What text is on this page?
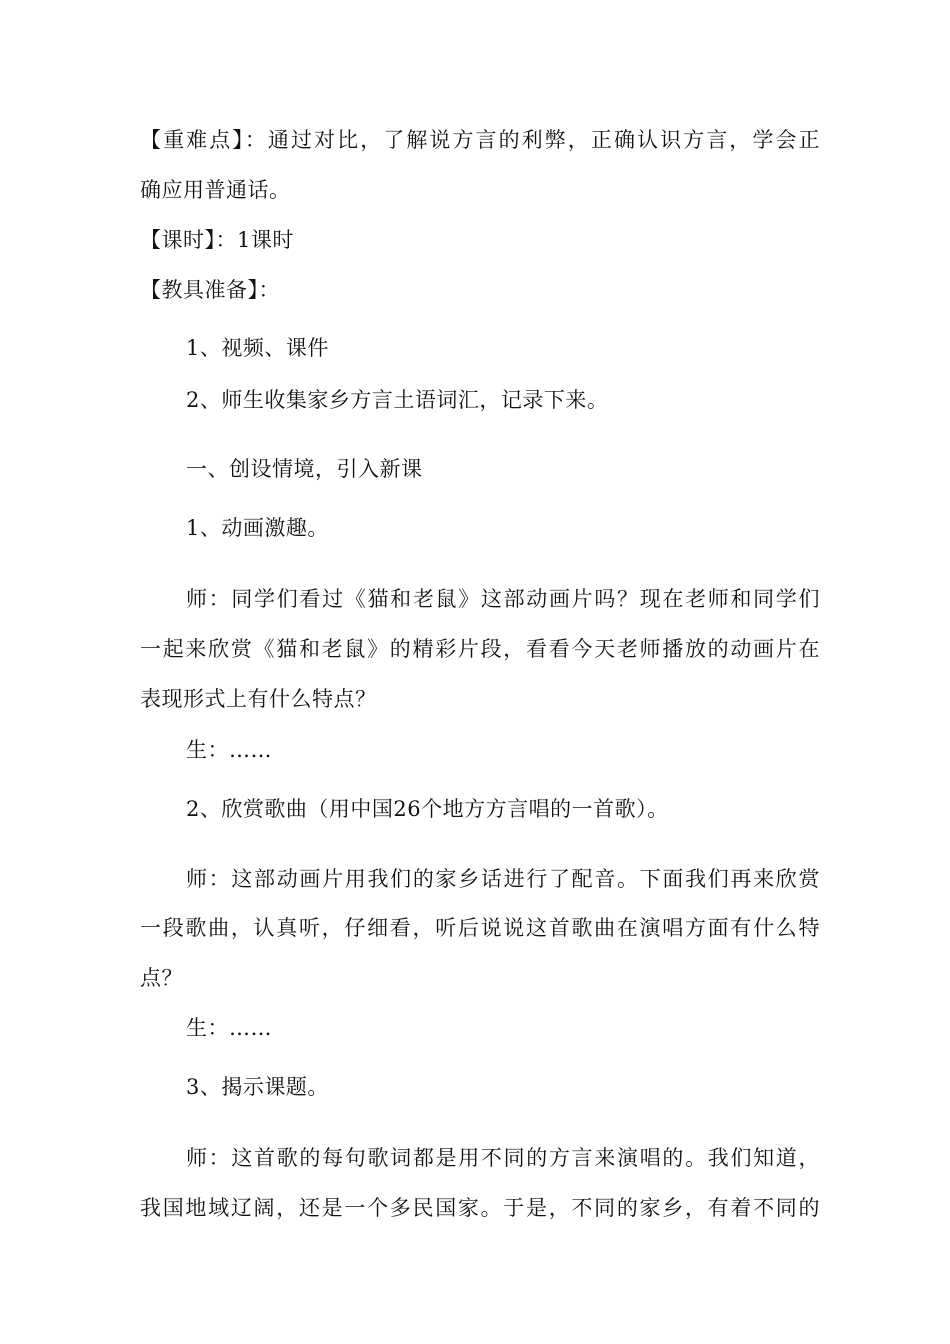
【重难点】：通过对比，了解说方言的利弊，正确认识方言，学会正
确应用普通话。
【课时】：1课时
【教具准备】：
1、视频、课件
2、师生收集家乡方言土语词汇，记录下来。
一、创设情境，引入新课
1、动画激趣。
师：同学们看过《猫和老鼠》这部动画片吗？现在老师和同学们
一起来欣赏《猫和老鼠》的精彩片段，看看今天老师播放的动画片在
表现形式上有什么特点？
生：……
2、欣赏歌曲（用中国26个地方方言唱的一首歌）。
师：这部动画片用我们的家乡话进行了配音。下面我们再来欣赏
一段歌曲，认真听，仔细看，听后说说这首歌曲在演唱方面有什么特
点？
生：……
3、揭示课题。
师：这首歌的每句歌词都是用不同的方言来演唱的。我们知道，
我国地域辽阔，还是一个多民国家。于是，不同的家乡，有着不同的
